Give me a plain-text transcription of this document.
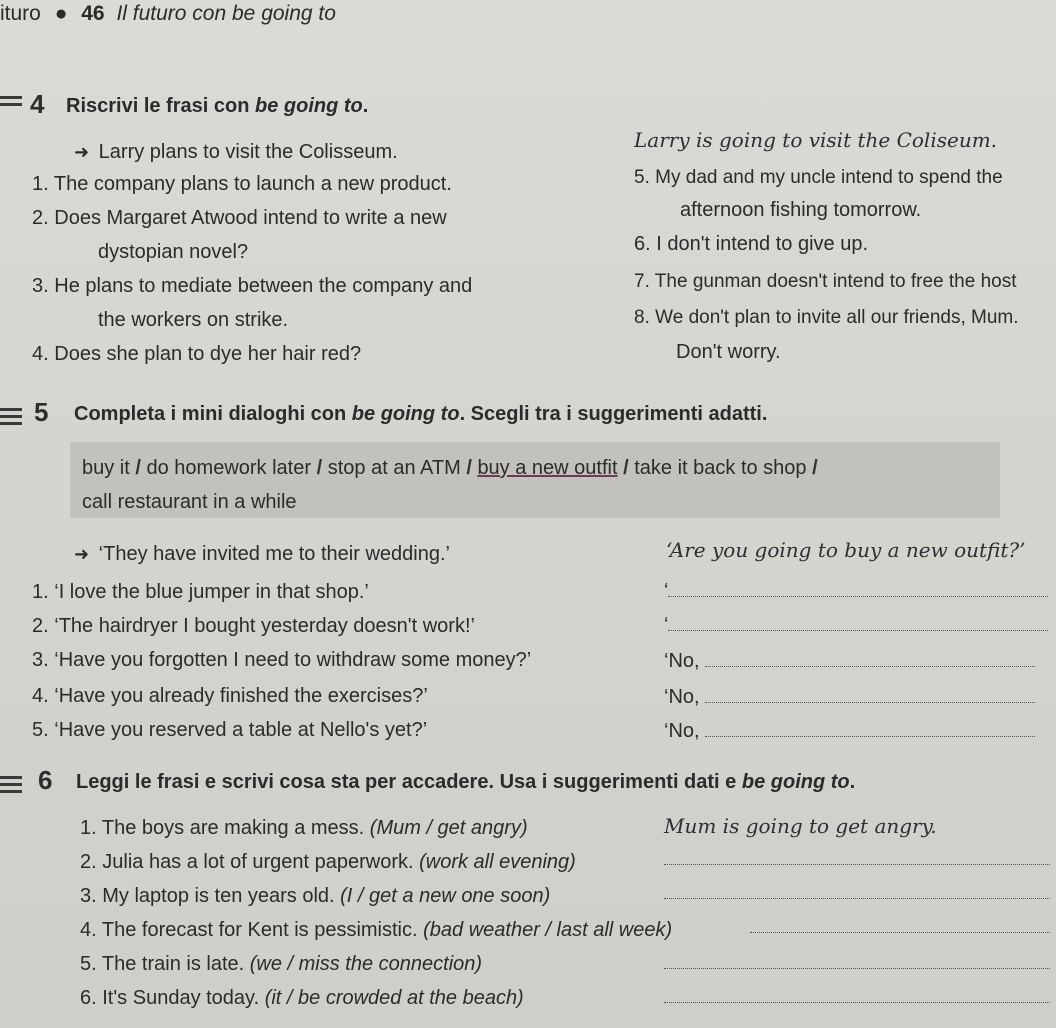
ituro ● 46 Il futuro con be going to
4 Riscrivi le frasi con be going to.
➜ Larry plans to visit the Colisseum.	Larry is going to visit the Coliseum.
1. The company plans to launch a new product.
2. Does Margaret Atwood intend to write a new
dystopian novel?
3. He plans to mediate between the company and
the workers on strike.
4. Does she plan to dye her hair red?
5. My dad and my uncle intend to spend the
afternoon fishing tomorrow.
6. I don't intend to give up.
7. The gunman doesn't intend to free the host
8. We don't plan to invite all our friends, Mum.
Don't worry.
5 Completa i mini dialoghi con be going to. Scegli tra i suggerimenti adatti.
buy it / do homework later / stop at an ATM / buy a new outfit / take it back to shop /
call restaurant in a while
➜ ‘They have invited me to their wedding.’	‘Are you going to buy a new outfit?’
1. ‘I love the blue jumper in that shop.’	‘
2. ‘The hairdryer I bought yesterday doesn't work!’	‘
3. ‘Have you forgotten I need to withdraw some money?’	‘No,
4. ‘Have you already finished the exercises?’	‘No,
5. ‘Have you reserved a table at Nello's yet?’	‘No,
6 Leggi le frasi e scrivi cosa sta per accadere. Usa i suggerimenti dati e be going to.
1. The boys are making a mess. (Mum / get angry)	Mum is going to get angry.
2. Julia has a lot of urgent paperwork. (work all evening)
3. My laptop is ten years old. (I / get a new one soon)
4. The forecast for Kent is pessimistic. (bad weather / last all week)
5. The train is late. (we / miss the connection)
6. It's Sunday today. (it / be crowded at the beach)
